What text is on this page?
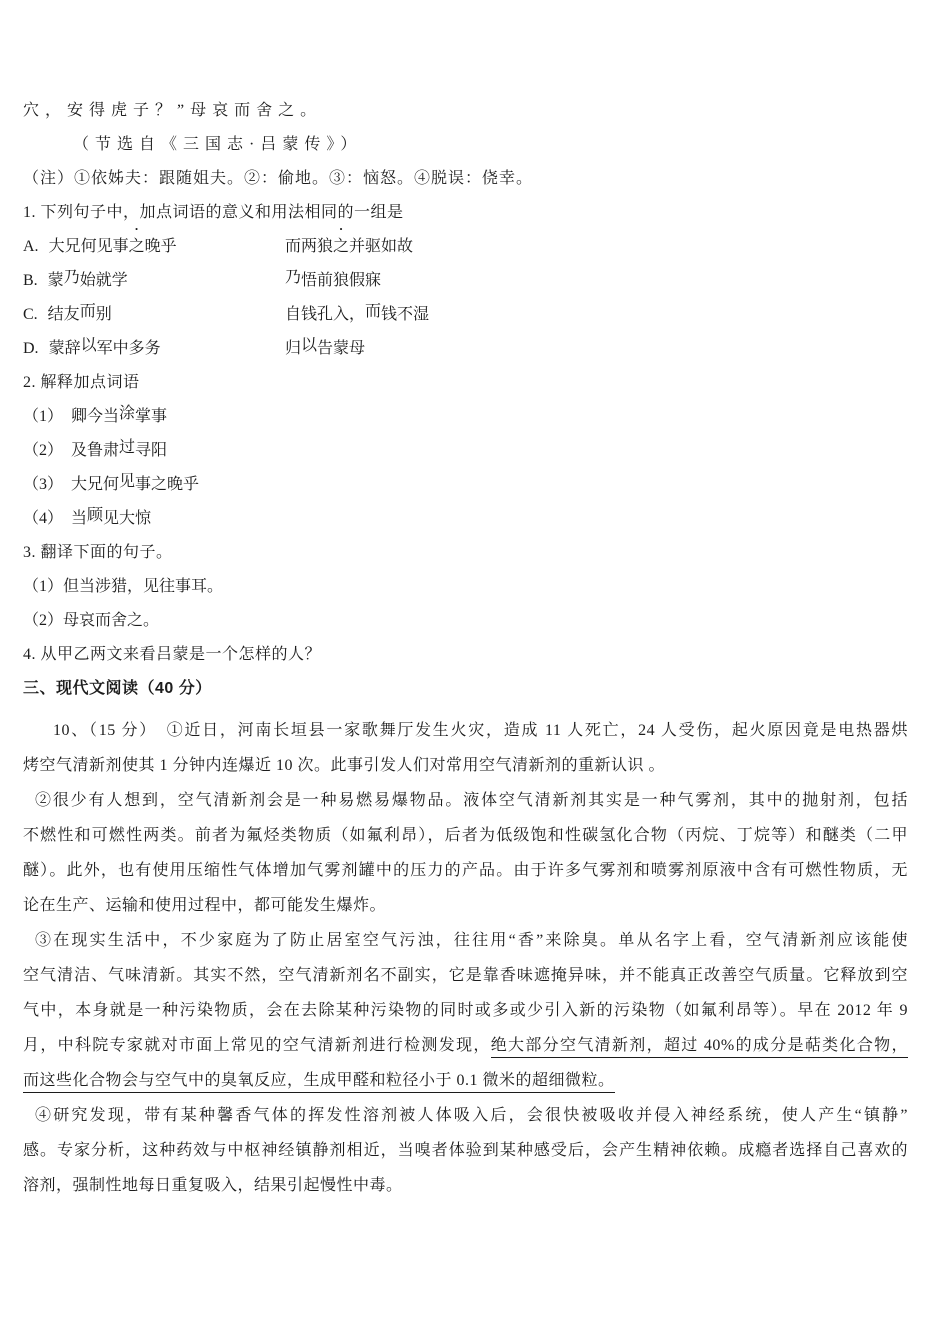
穴，安得虎子？”母哀而舍之。
（节选自《三国志·吕蒙传》）
（注）①依姊夫：跟随姐夫。②：偷地。③：恼怒。④脱误：侥幸。
1. 下列句子中，加点词语的意义和用法相同的一组是
A. 大兄何见事之晚乎	而两狼之并驱如故
B. 蒙乃始就学	乃悟前狼假寐
C. 结友而别	自钱孔入，而钱不湿
D. 蒙辞以军中多务	归以告蒙母
2. 解释加点词语
（1） 卿今当涂掌事
（2） 及鲁肃过寻阳
（3） 大兄何见事之晚乎
（4） 当顾见大惊
3. 翻译下面的句子。
（1）但当涉猎，见往事耳。
（2）母哀而舍之。
4. 从甲乙两文来看吕蒙是一个怎样的人？
三、现代文阅读（40 分）
10、（15 分）　①近日，河南长垣县一家歌舞厅发生火灾，造成 11 人死亡，24 人受伤，起火原因竟是电热器烘
烤空气清新剂使其 1 分钟内连爆近 10 次。此事引发人们对常用空气清新剂的重新认识 。
②很少有人想到，空气清新剂会是一种易燃易爆物品。液体空气清新剂其实是一种气雾剂，其中的抛射剂，包括
不燃性和可燃性两类。前者为氟烃类物质（如氟利昂），后者为低级饱和性碳氢化合物（丙烷、丁烷等）和醚类（二甲
醚）。此外，也有使用压缩性气体增加气雾剂罐中的压力的产品。由于许多气雾剂和喷雾剂原液中含有可燃性物质，无
论在生产、运输和使用过程中，都可能发生爆炸。
③在现实生活中，不少家庭为了防止居室空气污浊，往往用“香”来除臭。单从名字上看，空气清新剂应该能使
空气清洁、气味清新。其实不然，空气清新剂名不副实，它是靠香味遮掩异味，并不能真正改善空气质量。它释放到空
气中，本身就是一种污染物质，会在去除某种污染物的同时或多或少引入新的污染物（如氟利昂等）。早在 2012 年 9
月，中科院专家就对市面上常见的空气清新剂进行检测发现，绝大部分空气清新剂，超过 40%的成分是萜类化合物，
而这些化合物会与空气中的臭氧反应，生成甲醛和粒径小于 0.1 微米的超细微粒。
④研究发现，带有某种馨香气体的挥发性溶剂被人体吸入后，会很快被吸收并侵入神经系统，使人产生“镇静”
感。专家分析，这种药效与中枢神经镇静剂相近，当嗅者体验到某种感受后，会产生精神依赖。成瘾者选择自己喜欢的
溶剂，强制性地每日重复吸入，结果引起慢性中毒。
